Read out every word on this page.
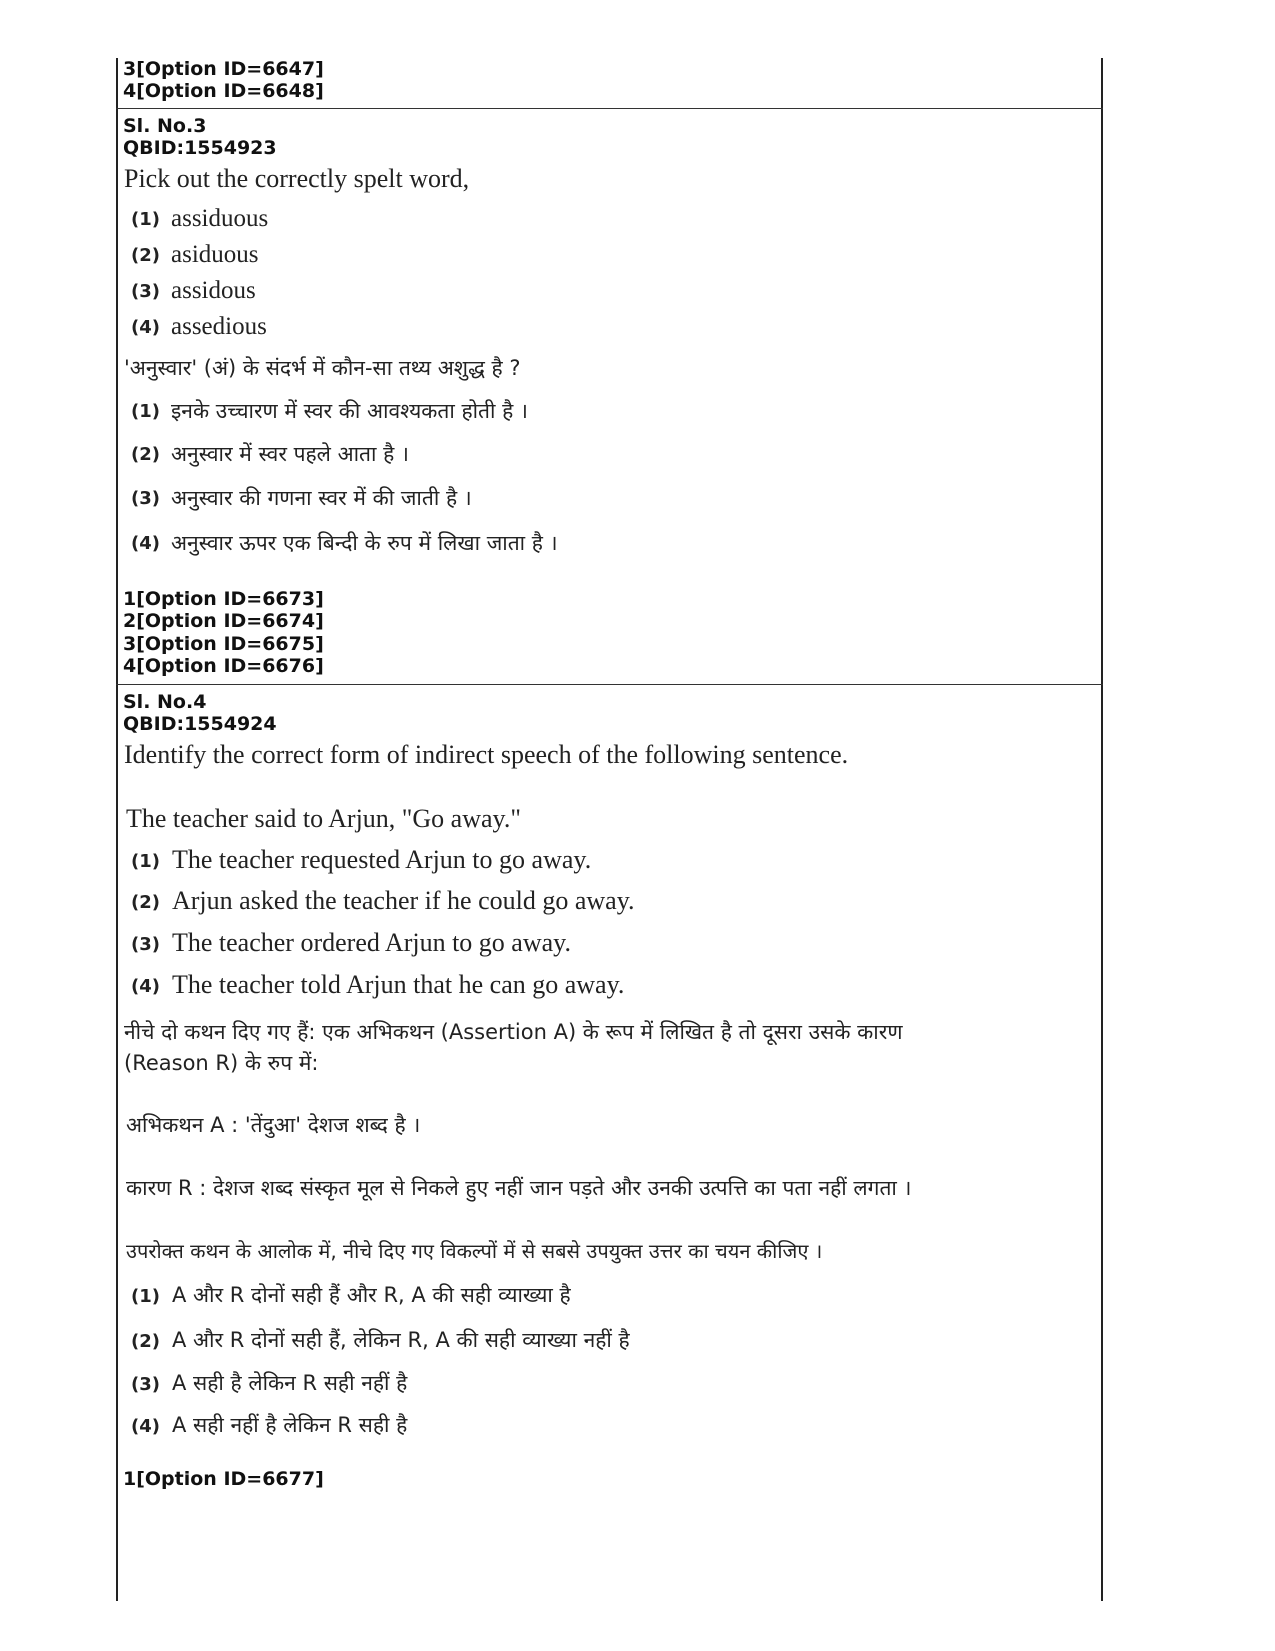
3[Option ID=6647]
4[Option ID=6648]
Sl. No.3
QBID:1554923
Pick out the correctly spelt word,
(1) assiduous
(2) asiduous
(3) assidous
(4) assedious
'अनुस्वार' (अं) के संदर्भ में कौन-सा तथ्य अशुद्ध है ?
(1) इनके उच्चारण में स्वर की आवश्यकता होती है ।
(2) अनुस्वार में स्वर पहले आता है ।
(3) अनुस्वार की गणना स्वर में की जाती है ।
(4) अनुस्वार ऊपर एक बिन्दी के रुप में लिखा जाता है ।
1[Option ID=6673]
2[Option ID=6674]
3[Option ID=6675]
4[Option ID=6676]
Sl. No.4
QBID:1554924
Identify the correct form of indirect speech of the following sentence.
The teacher said to Arjun, "Go away."
(1) The teacher requested Arjun to go away.
(2) Arjun asked the teacher if he could go away.
(3) The teacher ordered Arjun to go away.
(4) The teacher told Arjun that he can go away.
नीचे दो कथन दिए गए हैं: एक अभिकथन (Assertion A) के रूप में लिखित है तो दूसरा उसके कारण
(Reason R) के रुप में:
अभिकथन A : 'तेंदुआ' देशज शब्द है ।
कारण R : देशज शब्द संस्कृत मूल से निकले हुए नहीं जान पड़ते और उनकी उत्पत्ति का पता नहीं लगता ।
उपरोक्त कथन के आलोक में, नीचे दिए गए विकल्पों में से सबसे उपयुक्त उत्तर का चयन कीजिए ।
(1) A और R दोनों सही हैं और R, A की सही व्याख्या है
(2) A और R दोनों सही हैं, लेकिन R, A की सही व्याख्या नहीं है
(3) A सही है लेकिन R सही नहीं है
(4) A सही नहीं है लेकिन R सही है
1[Option ID=6677]
